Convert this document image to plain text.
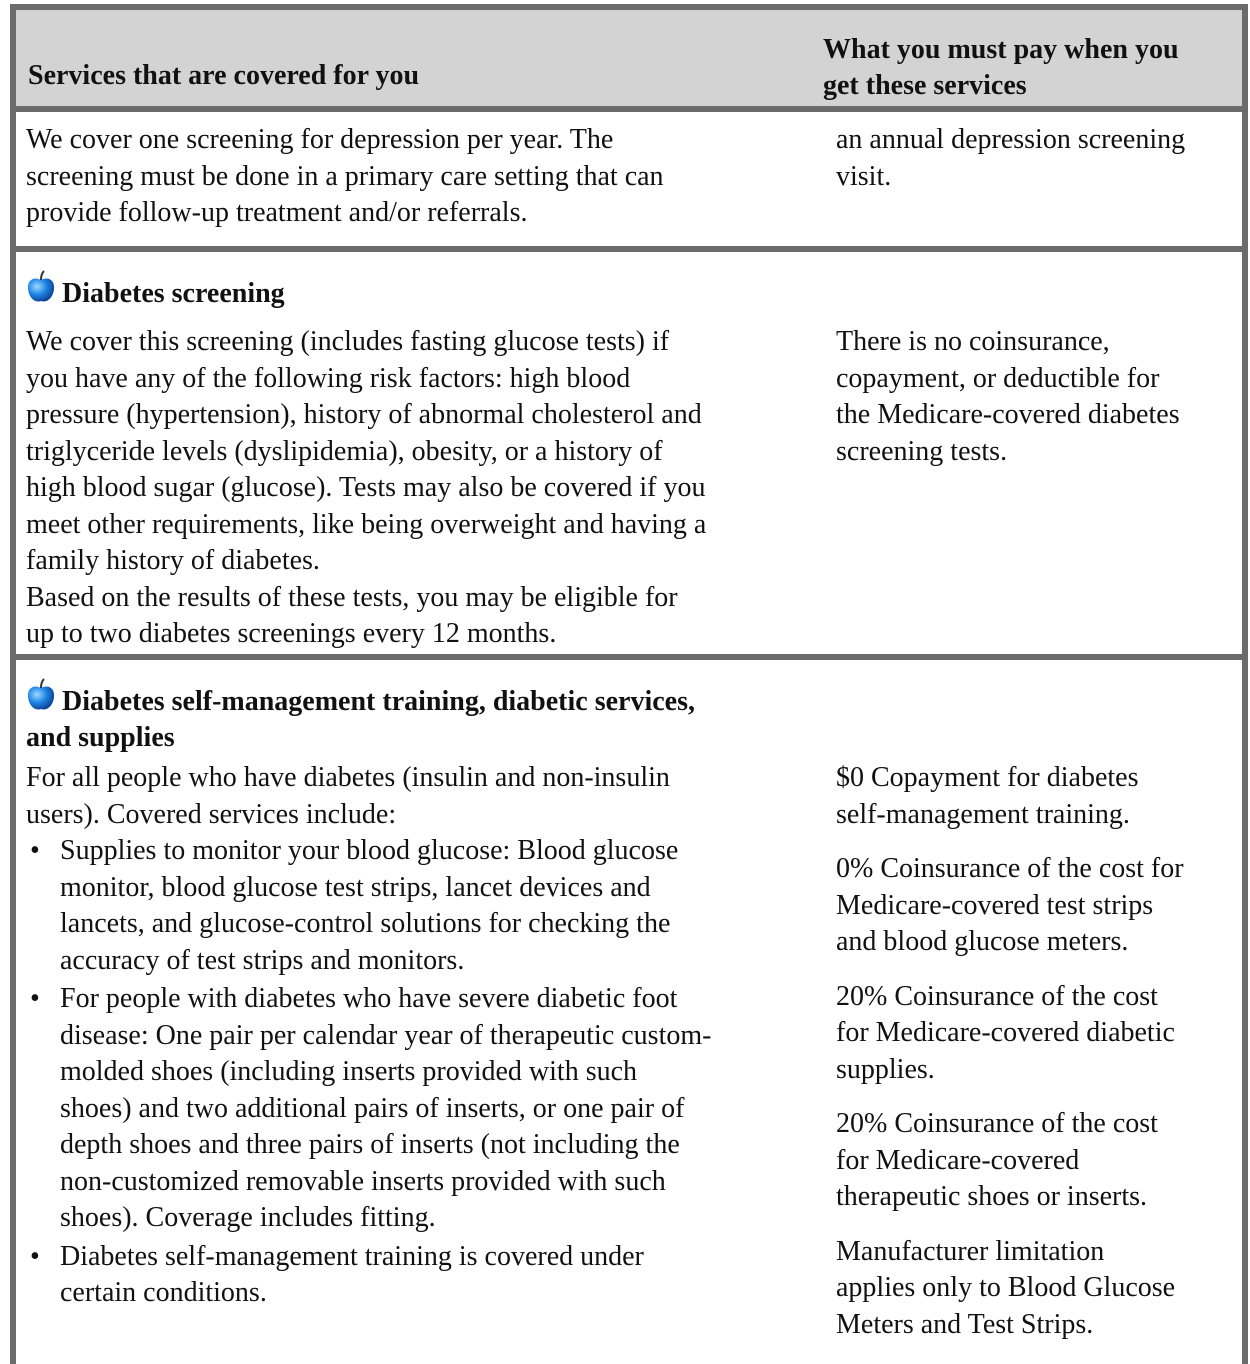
Services that are covered for you
What you must pay when you
get these services

We cover one screening for depression per year. The

screening must be done in a primary care setting that can

provide follow-up treatment and/or referrals.

an annual depression screening

visit.

Diabetes screening

We cover this screening (includes fasting glucose tests) if

you have any of the following risk factors: high blood

pressure (hypertension), history of abnormal cholesterol and

triglyceride levels (dyslipidemia), obesity, or a history of

high blood sugar (glucose). Tests may also be covered if you

meet other requirements, like being overweight and having a

family history of diabetes.

Based on the results of these tests, you may be eligible for

up to two diabetes screenings every 12 months.

There is no coinsurance,

copayment, or deductible for

the Medicare-covered diabetes

screening tests.

Diabetes self-management training, diabetic services,
and supplies

For all people who have diabetes (insulin and non-insulin

users). Covered services include:

• Supplies to monitor your blood glucose: Blood glucose
monitor, blood glucose test strips, lancet devices and
lancets, and glucose-control solutions for checking the
accuracy of test strips and monitors.
• For people with diabetes who have severe diabetic foot
disease: One pair per calendar year of therapeutic custom-
molded shoes (including inserts provided with such
shoes) and two additional pairs of inserts, or one pair of
depth shoes and three pairs of inserts (not including the
non-customized removable inserts provided with such
shoes). Coverage includes fitting.
• Diabetes self-management training is covered under
certain conditions.

$0 Copayment for diabetes
self-management training.

0% Coinsurance of the cost for
Medicare-covered test strips
and blood glucose meters.

20% Coinsurance of the cost
for Medicare-covered diabetic
supplies.

20% Coinsurance of the cost
for Medicare-covered
therapeutic shoes or inserts.

Manufacturer limitation
applies only to Blood Glucose
Meters and Test Strips.
